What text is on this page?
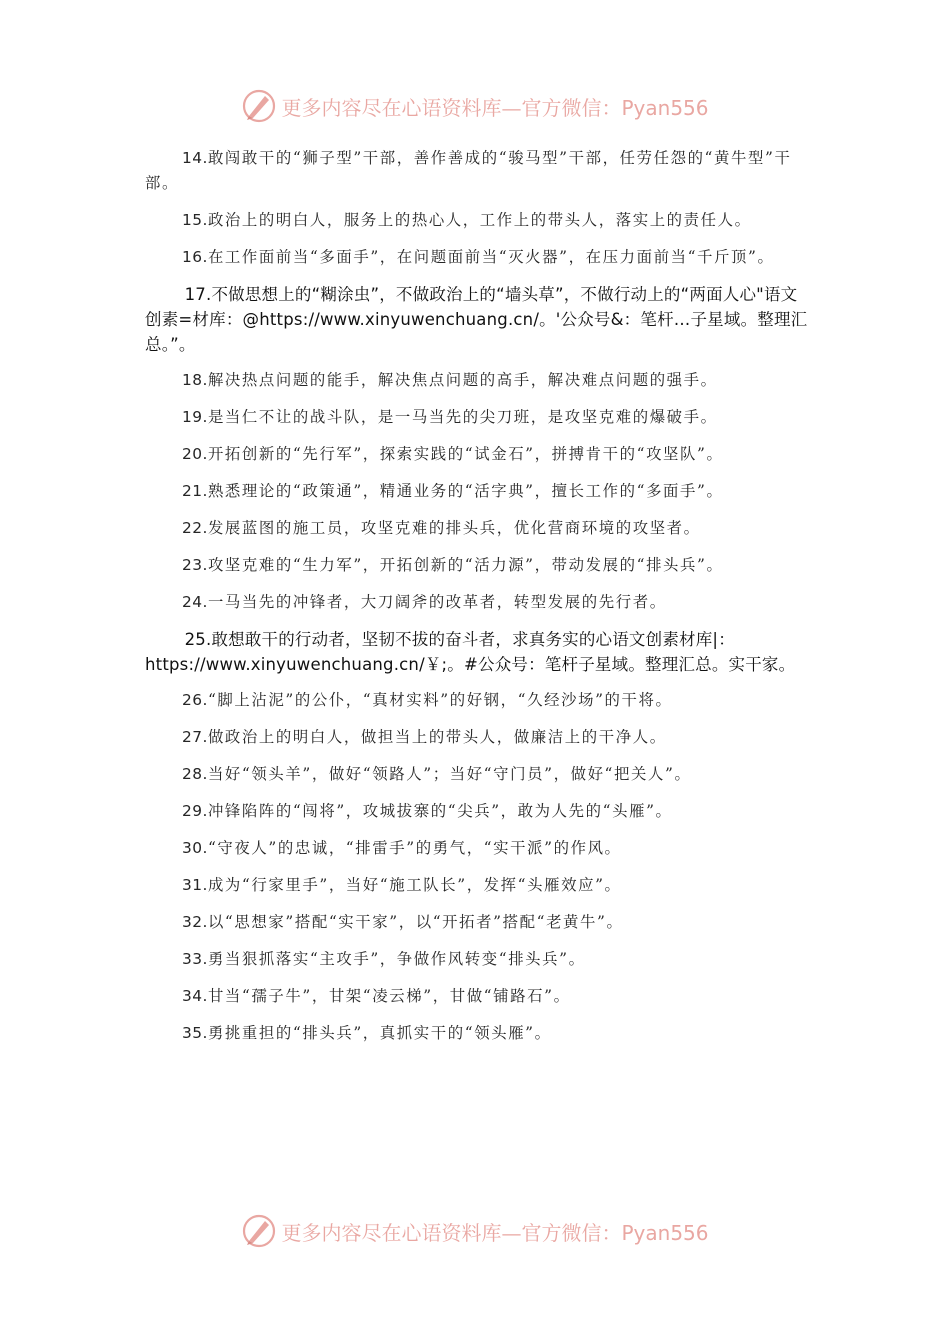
更多内容尽在心语资料库—官方微信：Pyan556

14.敢闯敢干的“狮子型”干部，善作善成的“骏马型”干部，任劳任怨的“黄牛型”干部。

15.政治上的明白人，服务上的热心人，工作上的带头人，落实上的责任人。

16.在工作面前当“多面手”，在问题面前当“灭火器”，在压力面前当“千斤顶”。

17.不做思想上的“糊涂虫”，不做政治上的“墙头草”，不做行动上的“两面人心"语文创素=材库：@https://www.xinyuwenchuang.cn/。'公众号&：笔杆…子星域。整理汇总。”。

18.解决热点问题的能手，解决焦点问题的高手，解决难点问题的强手。

19.是当仁不让的战斗队，是一马当先的尖刀班，是攻坚克难的爆破手。

20.开拓创新的“先行军”，探索实践的“试金石”，拼搏肯干的“攻坚队”。

21.熟悉理论的“政策通”，精通业务的“活字典”，擅长工作的“多面手”。

22.发展蓝图的施工员，攻坚克难的排头兵，优化营商环境的攻坚者。

23.攻坚克难的“生力军”，开拓创新的“活力源”，带动发展的“排头兵”。

24.一马当先的冲锋者，大刀阔斧的改革者，转型发展的先行者。

25.敢想敢干的行动者，坚韧不拔的奋斗者，求真务实的心语文创素材库|：https://www.xinyuwenchuang.cn/￥;。#公众号：笔杆子星域。整理汇总。实干家。

26.“脚上沾泥”的公仆，“真材实料”的好钢，“久经沙场”的干将。

27.做政治上的明白人，做担当上的带头人，做廉洁上的干净人。

28.当好“领头羊”，做好“领路人”；当好“守门员”，做好“把关人”。

29.冲锋陷阵的“闯将”，攻城拔寨的“尖兵”，敢为人先的“头雁”。

30.“守夜人”的忠诚，“排雷手”的勇气，“实干派”的作风。

31.成为“行家里手”，当好“施工队长”，发挥“头雁效应”。

32.以“思想家”搭配“实干家”，以“开拓者”搭配“老黄牛”。

33.勇当狠抓落实“主攻手”，争做作风转变“排头兵”。

34.甘当“孺子牛”，甘架“凌云梯”，甘做“铺路石”。

35.勇挑重担的“排头兵”，真抓实干的“领头雁”。

更多内容尽在心语资料库—官方微信：Pyan556
